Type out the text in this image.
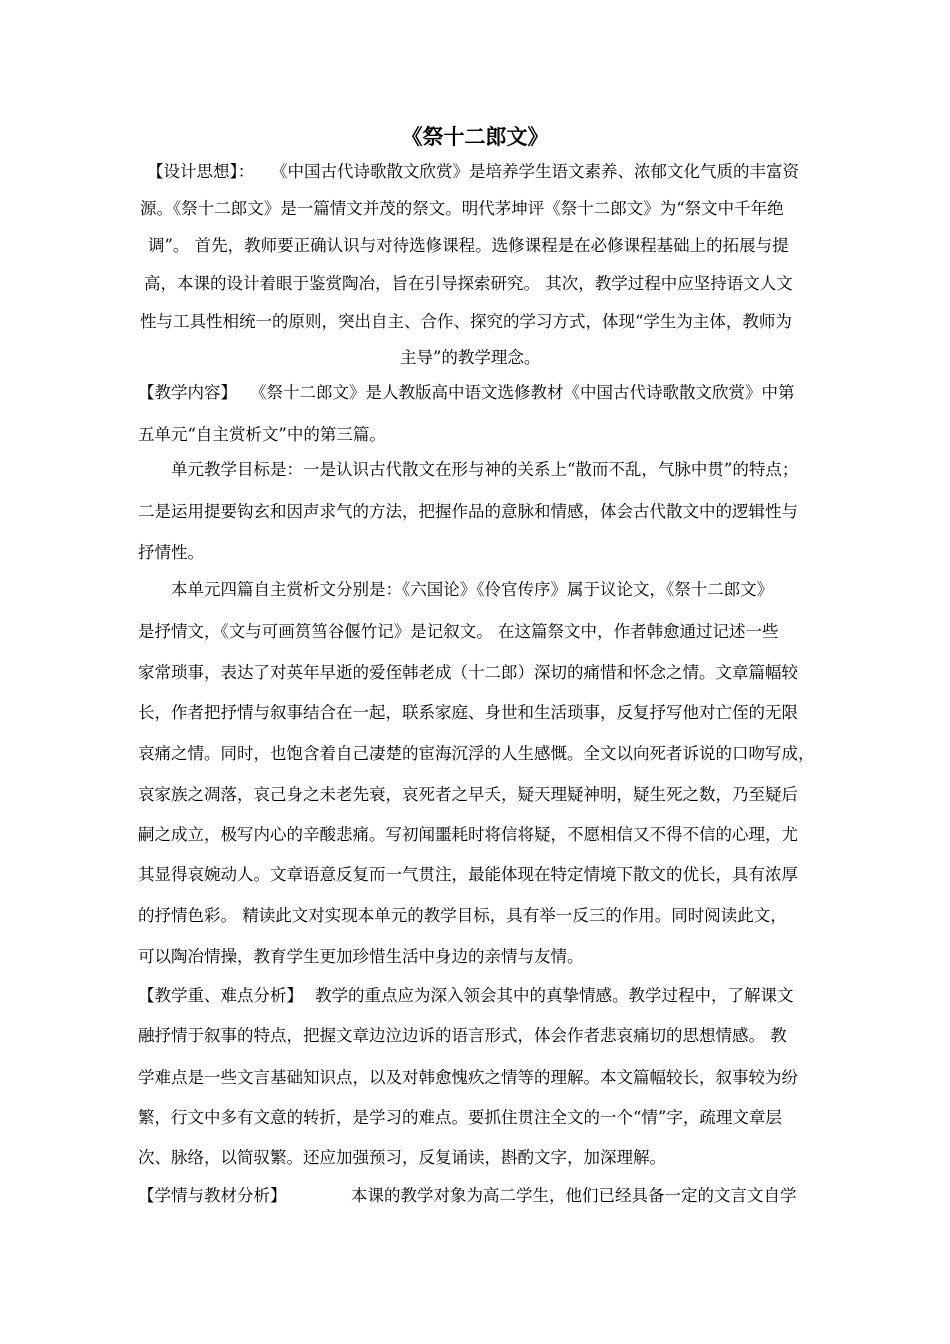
《祭十二郎文》
【设计思想】： 《中国古代诗歌散文欣赏》是培养学生语文素养、浓郁文化气质的丰富资
源。《祭十二郎文》是一篇情文并茂的祭文。明代茅坤评《祭十二郎文》为“祭文中千年绝
调”。 首先，教师要正确认识与对待选修课程。选修课程是在必修课程基础上的拓展与提
高，本课的设计着眼于鉴赏陶冶，旨在引导探索研究。 其次，教学过程中应坚持语文人文
性与工具性相统一的原则，突出自主、合作、探究的学习方式，体现“学生为主体，教师为
主导”的教学理念。
【教学内容】 《祭十二郎文》是人教版高中语文选修教材《中国古代诗歌散文欣赏》中第
五单元“自主赏析文”中的第三篇。
单元教学目标是：一是认识古代散文在形与神的关系上“散而不乱，气脉中贯”的特点；
二是运用提要钩玄和因声求气的方法，把握作品的意脉和情感，体会古代散文中的逻辑性与
抒情性。
本单元四篇自主赏析文分别是：《六国论》《伶官传序》属于议论文，《祭十二郎文》
是抒情文，《文与可画筼筜谷偃竹记》是记叙文。 在这篇祭文中，作者韩愈通过记述一些
家常琐事，表达了对英年早逝的爱侄韩老成（十二郎）深切的痛惜和怀念之情。文章篇幅较
长，作者把抒情与叙事结合在一起，联系家庭、身世和生活琐事，反复抒写他对亡侄的无限
哀痛之情。同时，也饱含着自己凄楚的宦海沉浮的人生感慨。全文以向死者诉说的口吻写成，
哀家族之凋落，哀己身之未老先衰，哀死者之早夭，疑天理疑神明，疑生死之数，乃至疑后
嗣之成立，极写内心的辛酸悲痛。写初闻噩耗时将信将疑，不愿相信又不得不信的心理，尤
其显得哀婉动人。文章语意反复而一气贯注，最能体现在特定情境下散文的优长，具有浓厚
的抒情色彩。 精读此文对实现本单元的教学目标，具有举一反三的作用。同时阅读此文，
可以陶冶情操，教育学生更加珍惜生活中身边的亲情与友情。
【教学重、难点分析】 教学的重点应为深入领会其中的真挚情感。教学过程中，了解课文
融抒情于叙事的特点，把握文章边泣边诉的语言形式，体会作者悲哀痛切的思想情感。 教
学难点是一些文言基础知识点，以及对韩愈愧疚之情等的理解。本文篇幅较长，叙事较为纷
繁，行文中多有文意的转折，是学习的难点。要抓住贯注全文的一个“情”字，疏理文章层
次、脉络，以简驭繁。还应加强预习，反复诵读，斟酌文字，加深理解。
【学情与教材分析】	本课的教学对象为高二学生，他们已经具备一定的文言文自学
